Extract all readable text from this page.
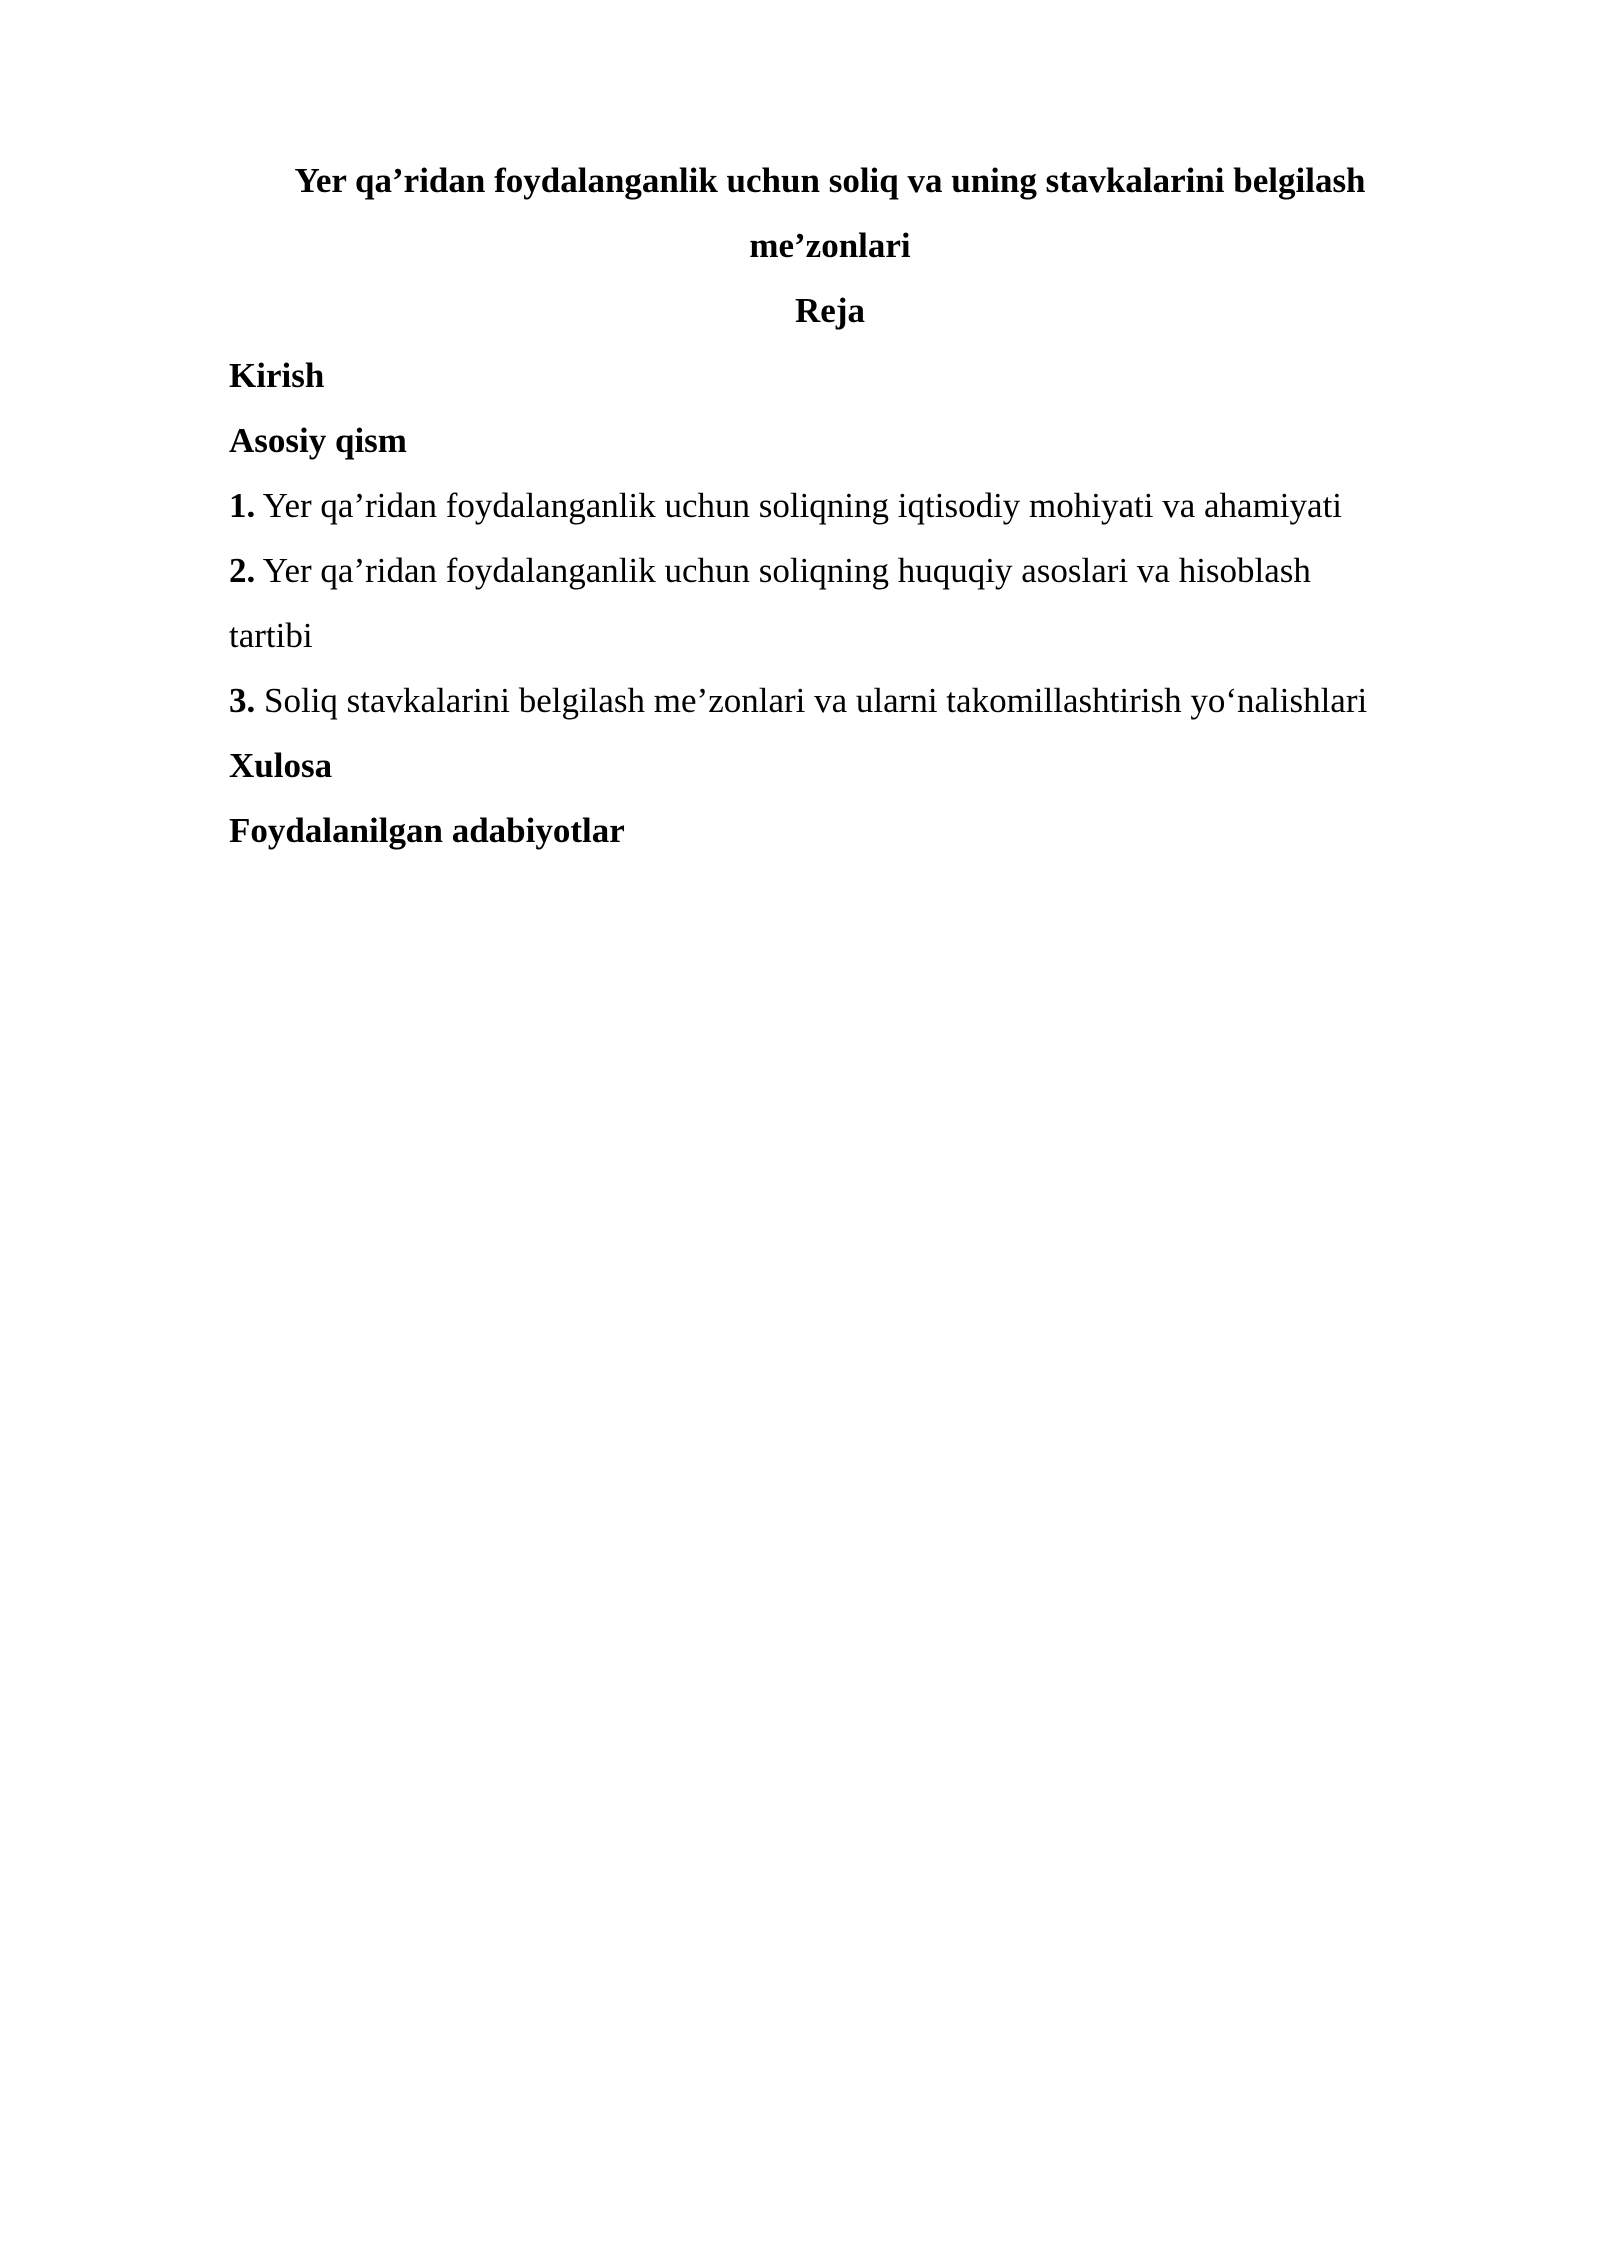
Yer qa’ridan foydalanganlik uchun soliq va uning stavkalarini belgilash
me’zonlari

Reja

Kirish

Asosiy qism

1. Yer qa’ridan foydalanganlik uchun soliqning iqtisodiy mohiyati va ahamiyati

2. Yer qa’ridan foydalanganlik uchun soliqning huquqiy asoslari va hisoblash

tartibi

3. Soliq stavkalarini belgilash me’zonlari va ularni takomillashtirish yo‘nalishlari

Xulosa

Foydalanilgan adabiyotlar
